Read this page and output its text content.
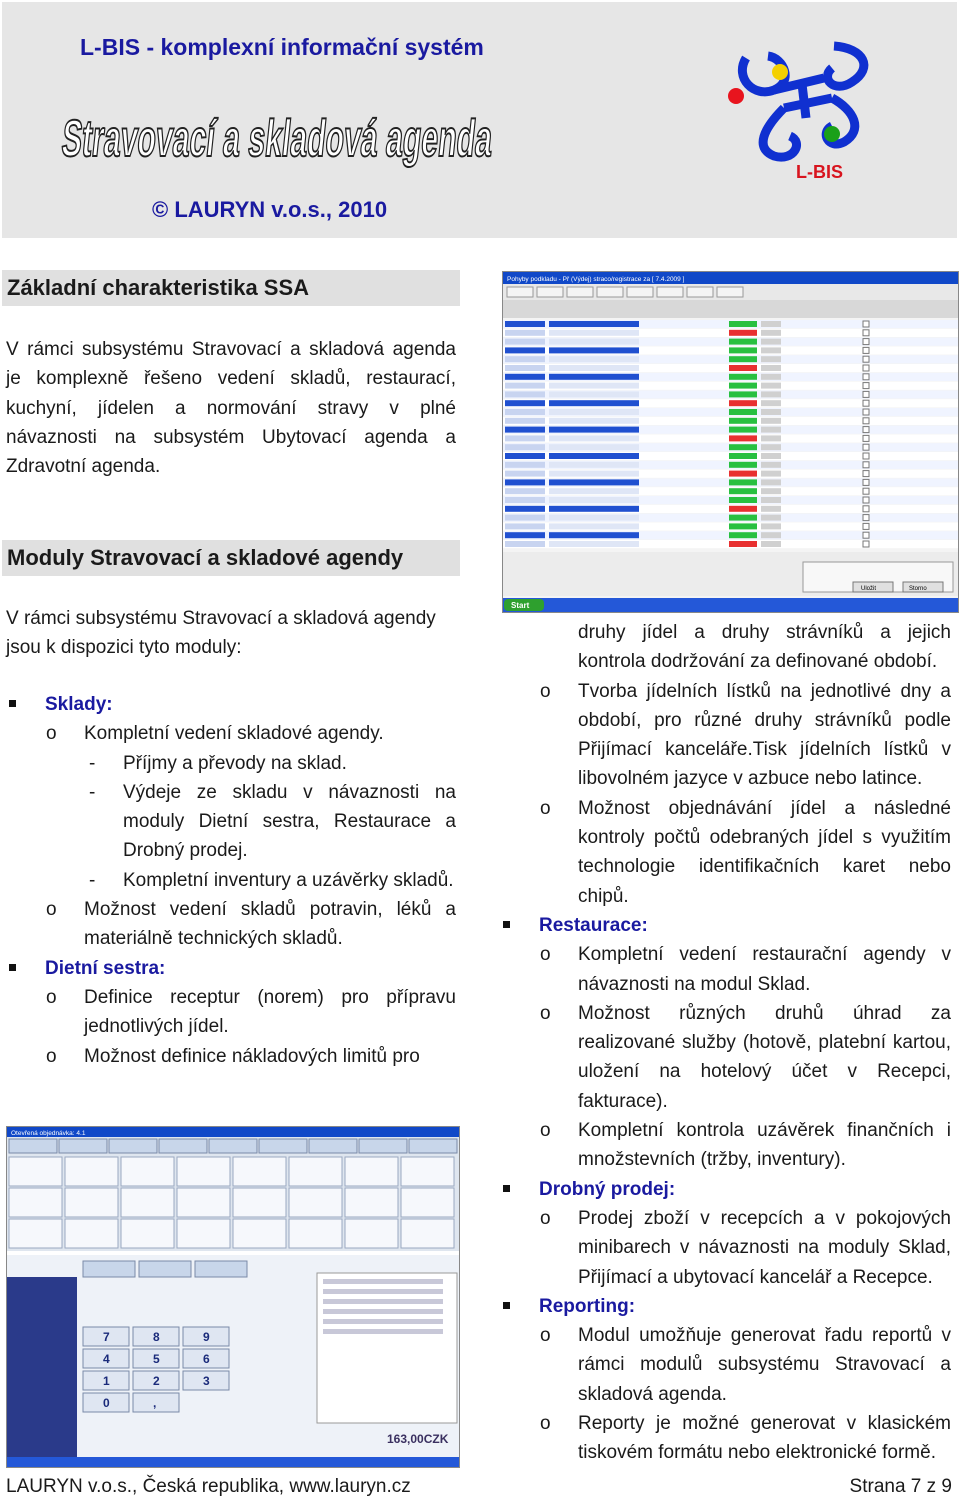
L-BIS - komplexní informační systém
Stravovací a skladová agenda
© LAURYN v.o.s., 2010
L-BIS
Základní charakteristika SSA
V rámci subsystému Stravovací a skladová agenda je komplexně řešeno vedení skladů, restaurací, kuchyní, jídelen a normování stravy v plné návaznosti na subsystém Ubytovací agenda a Zdravotní agenda.
Moduly Stravovací a skladové agendy
V rámci subsystému Stravovací a skladová agendy jsou k dispozici tyto moduly:
Sklady:
o Kompletní vedení skladové agendy.
- Příjmy a převody na sklad.
- Výdeje ze skladu v návaznosti na moduly Dietní sestra, Restaurace a Drobný prodej.
- Kompletní inventury a uzávěrky skladů.
o Možnost vedení skladů potravin, léků a materiálně technických skladů.
Dietní sestra:
o Definice receptur (norem) pro přípravu jednotlivých jídel.
o Možnost definice nákladových limitů pro
druhy jídel a druhy strávníků a jejich kontrola dodržování za definované období.
o Tvorba jídelních lístků na jednotlivé dny a období, pro různé druhy strávníků podle Přijímací kanceláře.Tisk jídelních lístků v libovolném jazyce v azbuce nebo latince.
o Možnost objednávání jídel a následné kontroly počtů odebraných jídel s využitím technologie identifikačních karet nebo chipů.
Restaurace:
o Kompletní vedení restaurační agendy v návaznosti na modul Sklad.
o Možnost různých druhů úhrad za realizované služby (hotově, platební kartou, uložení na hotelový účet v Recepci, fakturace).
o Kompletní kontrola uzávěrek finančních i množstevních (tržby, inventury).
Drobný prodej:
o Prodej zboží v recepcích a v pokojových minibarech v návaznosti na moduly Sklad, Přijímací a ubytovací kancelář a Recepce.
Reporting:
o Modul umožňuje generovat řadu reportů v rámci modulů subsystému Stravovací a skladová agenda.
o Reporty je možné generovat v klasickém tiskovém formátu nebo elektronické formě.
Pohyby podkladu - Př (Výdej) straco/registrace za [ 7.4.2009 ]
Uložit	Storno
Start
Otevřená objednávka: 4.1
7	8	9
4	5	6
1	2	3
0	,
163,00CZK
LAURYN v.o.s., Česká republika, www.lauryn.cz	Strana 7 z 9
